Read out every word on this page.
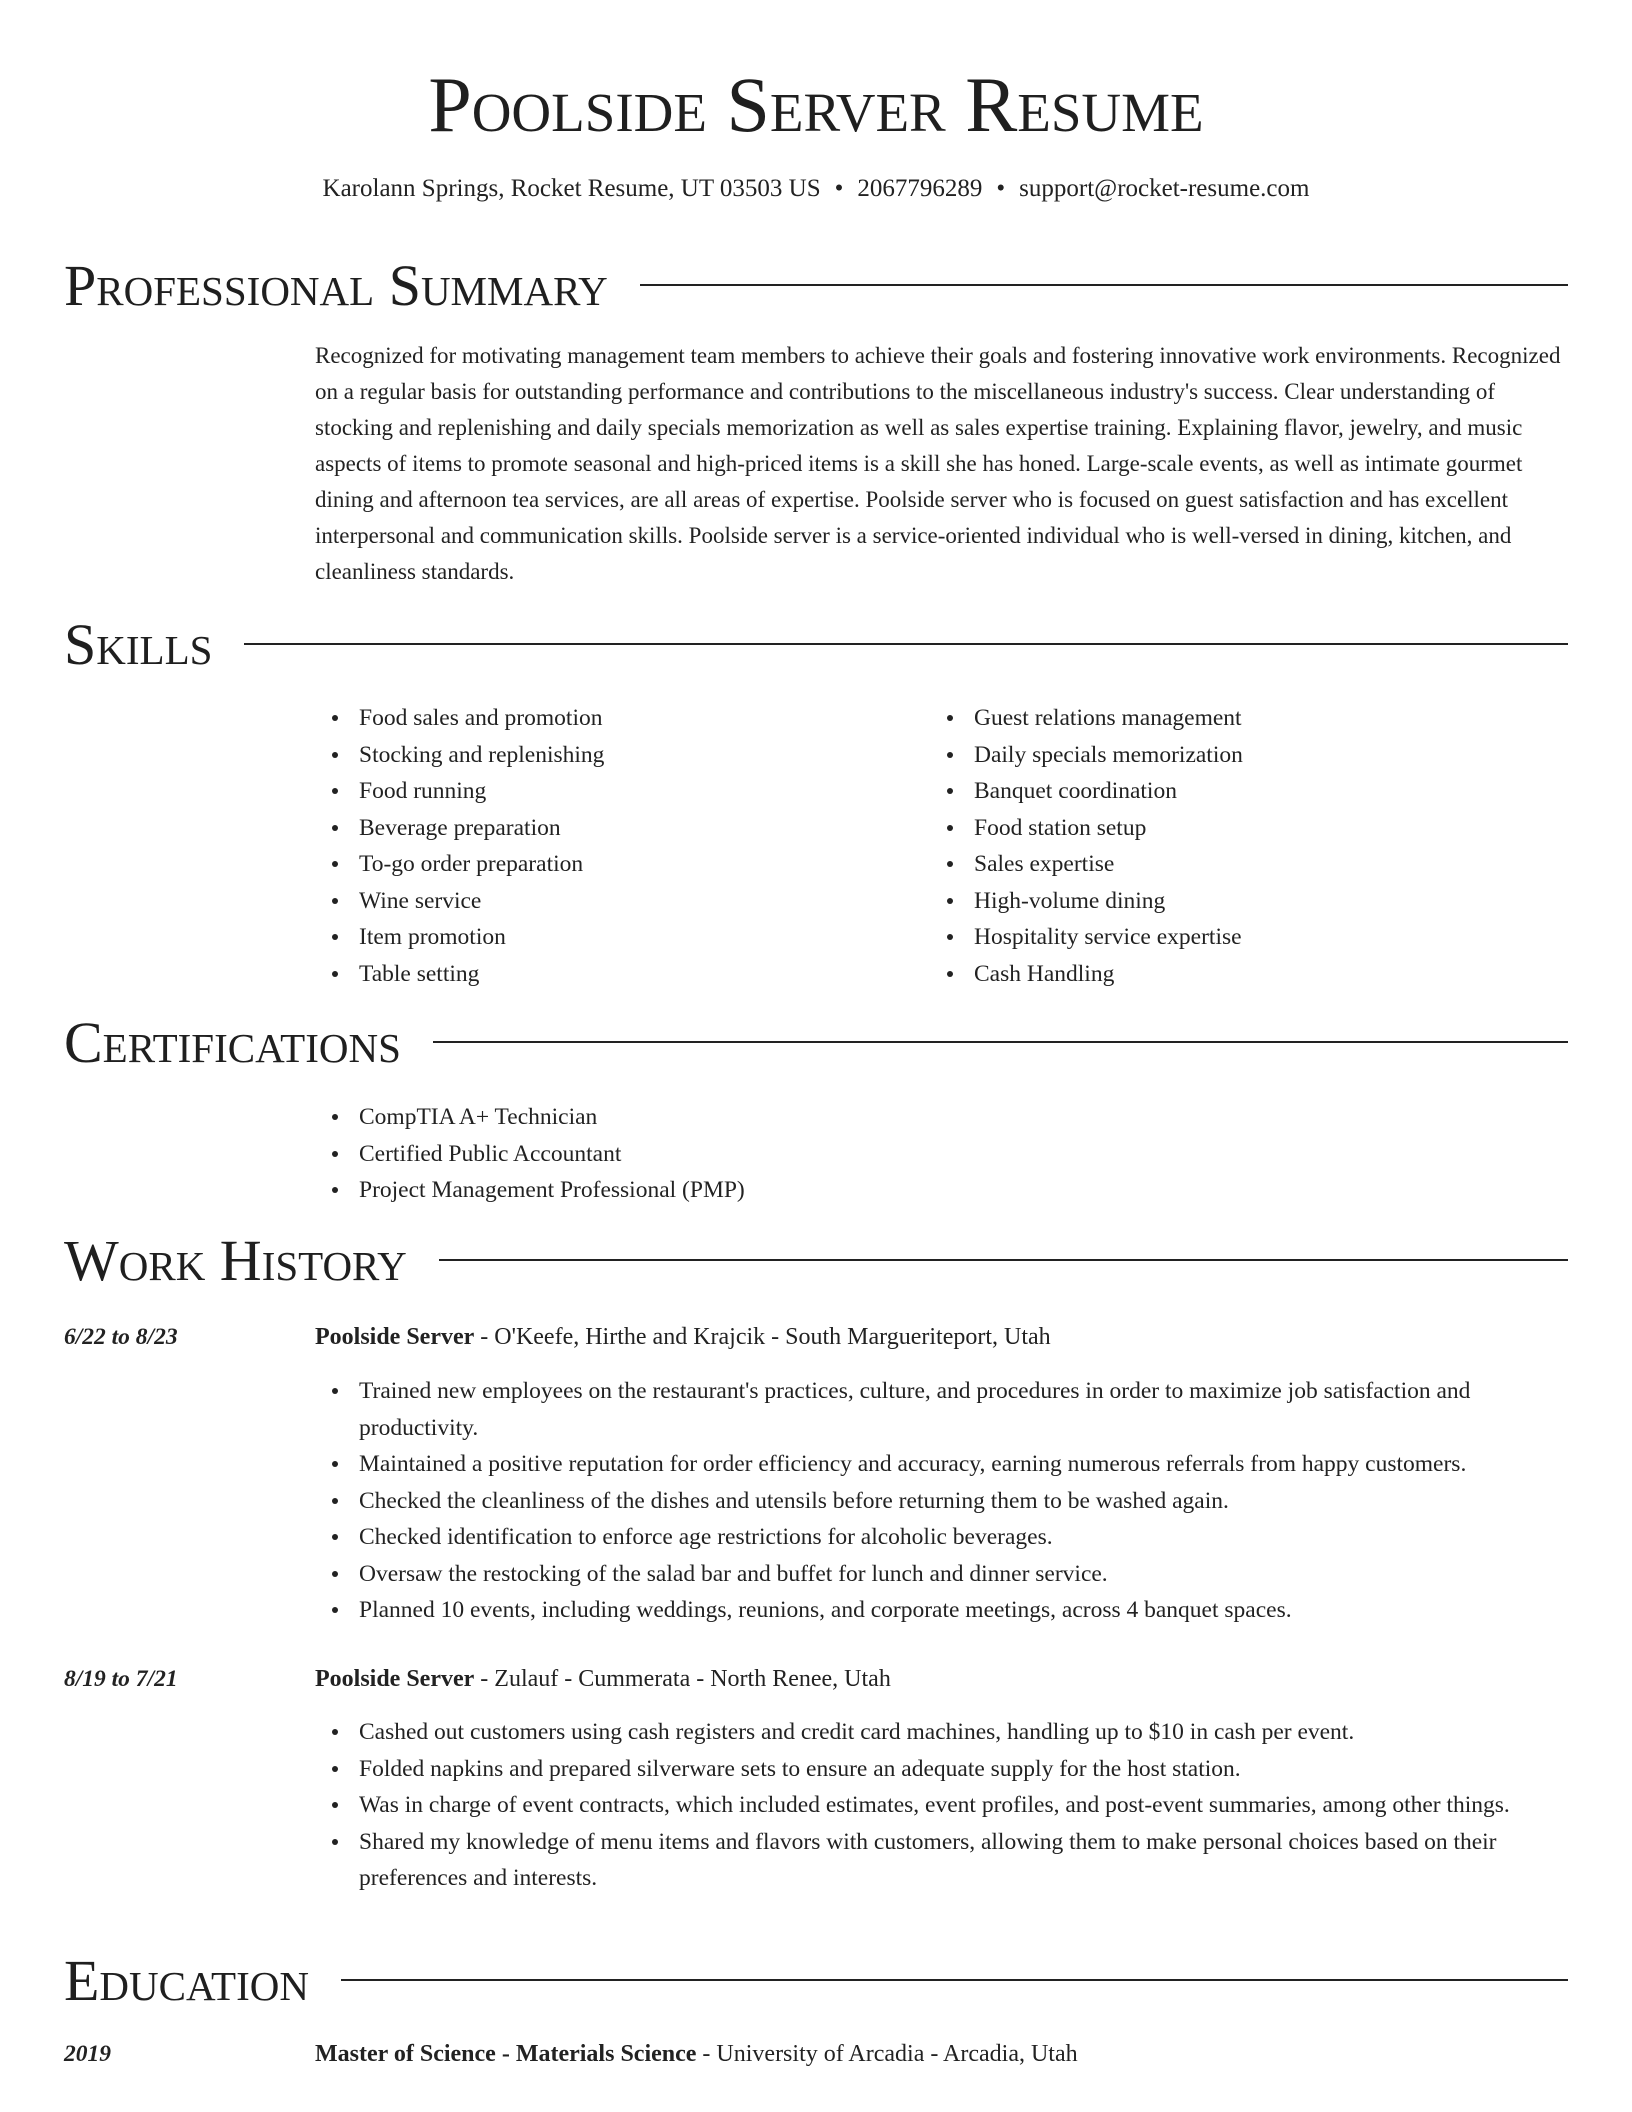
Poolside Server Resume
Karolann Springs, Rocket Resume, UT 03503 US • 2067796289 • support@rocket-resume.com
Professional Summary

Recognized for motivating management team members to achieve their goals and fostering innovative work environments. Recognized on a regular basis for outstanding performance and contributions to the miscellaneous industry's success. Clear understanding of stocking and replenishing and daily specials memorization as well as sales expertise training. Explaining flavor, jewelry, and music aspects of items to promote seasonal and high-priced items is a skill she has honed. Large-scale events, as well as intimate gourmet dining and afternoon tea services, are all areas of expertise. Poolside server who is focused on guest satisfaction and has excellent interpersonal and communication skills. Poolside server is a service-oriented individual who is well-versed in dining, kitchen, and cleanliness standards.

Skills
Food sales and promotion
Stocking and replenishing
Food running
Beverage preparation
To-go order preparation
Wine service
Item promotion
Table setting
Guest relations management
Daily specials memorization
Banquet coordination
Food station setup
Sales expertise
High-volume dining
Hospitality service expertise
Cash Handling
Certifications
CompTIA A+ Technician
Certified Public Accountant
Project Management Professional (PMP)
Work History
6/22 to 8/23	Poolside Server - O'Keefe, Hirthe and Krajcik - South Margueriteport, Utah
Trained new employees on the restaurant's practices, culture, and procedures in order to maximize job satisfaction and productivity.
Maintained a positive reputation for order efficiency and accuracy, earning numerous referrals from happy customers.
Checked the cleanliness of the dishes and utensils before returning them to be washed again.
Checked identification to enforce age restrictions for alcoholic beverages.
Oversaw the restocking of the salad bar and buffet for lunch and dinner service.
Planned 10 events, including weddings, reunions, and corporate meetings, across 4 banquet spaces.
8/19 to 7/21	Poolside Server - Zulauf - Cummerata - North Renee, Utah
Cashed out customers using cash registers and credit card machines, handling up to $10 in cash per event.
Folded napkins and prepared silverware sets to ensure an adequate supply for the host station.
Was in charge of event contracts, which included estimates, event profiles, and post-event summaries, among other things.
Shared my knowledge of menu items and flavors with customers, allowing them to make personal choices based on their preferences and interests.
Education
2019	Master of Science - Materials Science - University of Arcadia - Arcadia, Utah
